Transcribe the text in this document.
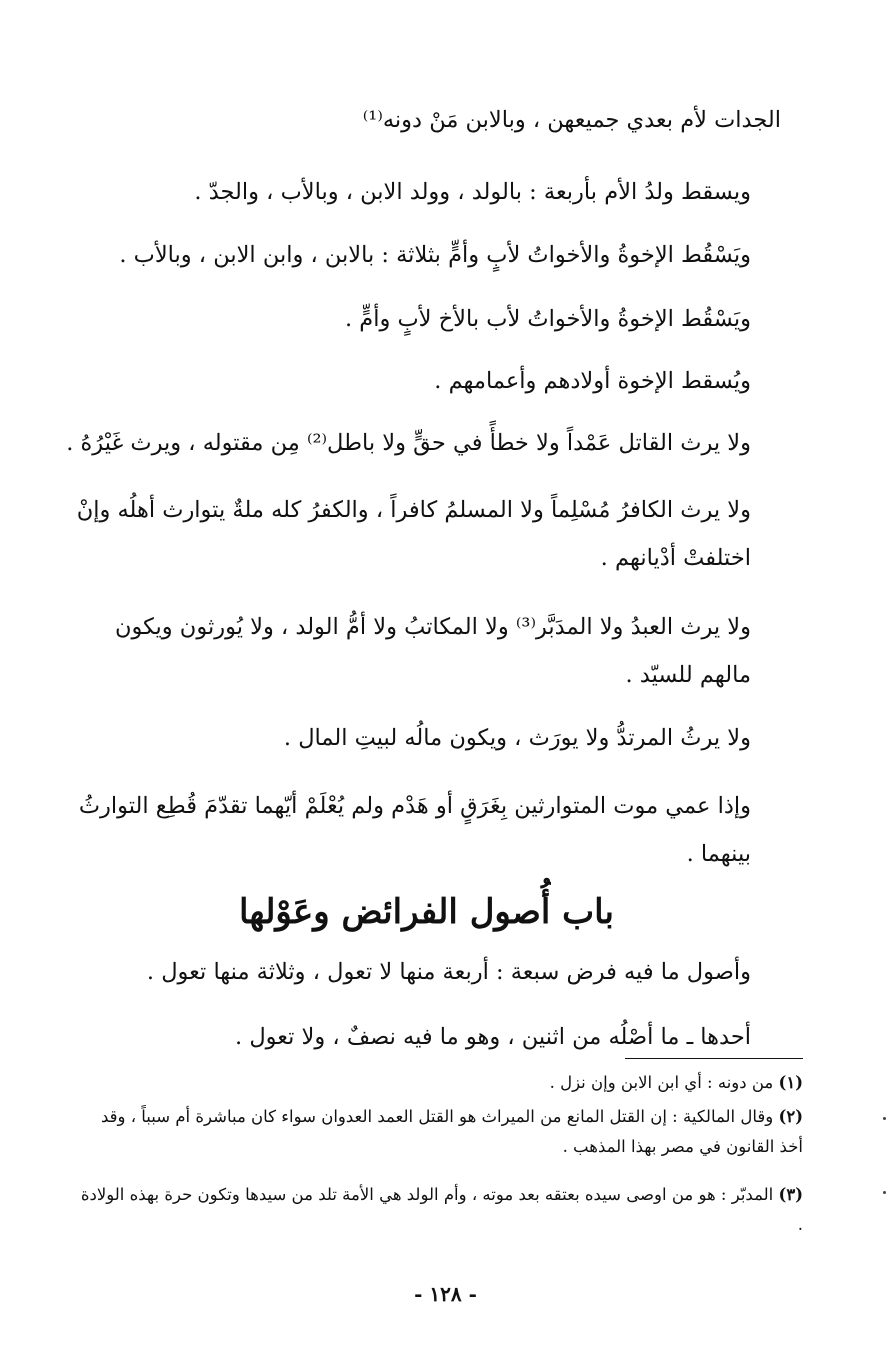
الجدات لأم بعدي جميعهن ، وبالابن مَنْ دونه⁽¹⁾
ويسقط ولدُ الأم بأربعة : بالولد ، وولد الابن ، وبالأب ، والجدّ .
ويَسْقُط الإخوةُ والأخواتُ لأبٍ وأمٍّ بثلاثة : بالابن ، وابن الابن ، وبالأب .
ويَسْقُط الإخوةُ والأخواتُ لأب بالأخ لأبٍ وأمٍّ .
ويُسقط الإخوة أولادهم وأعمامهم .
ولا يرث القاتل عَمْداً ولا خطأً في حقٍّ ولا باطل⁽²⁾ مِن مقتوله ، ويرث غَيْرُهُ .
ولا يرث الكافرُ مُسْلِماً ولا المسلمُ كافراً ، والكفرُ كله ملةٌ يتوارث أهلُه وإنْ اختلفتْ أدْيانهم .
ولا يرث العبدُ ولا المدَبَّر⁽³⁾ ولا المكاتبُ ولا أمُّ الولد ، ولا يُورثون ويكون مالهم للسيّد .
ولا يرثُ المرتدُّ ولا يورَث ، ويكون مالُه لبيتِ المال .
وإذا عمي موت المتوارثين بِغَرَقٍ أو هَدْم ولم يُعْلَمْ أيّهما تقدّمَ قُطِع التوارثُ بينهما .
باب أُصول الفرائض وعَوْلها
وأصول ما فيه فرض سبعة : أربعة منها لا تعول ، وثلاثة منها تعول .
أحدها ـ ما أصْلُه من اثنين ، وهو ما فيه نصفٌ ، ولا تعول .
(١) من دونه : أي ابن الابن وإن نزل .
(٢) وقال المالكية : إن القتل المانع من الميراث هو القتل العمد العدوان سواء كان مباشرة أم سبباً ، وقد أخذ القانون في مصر بهذا المذهب .
(٣) المدبّر : هو من اوصى سيده بعتقه بعد موته ، وأم الولد هي الأمة تلد من سيدها وتكون حرة بهذه الولادة .
- ١٢٨ -
